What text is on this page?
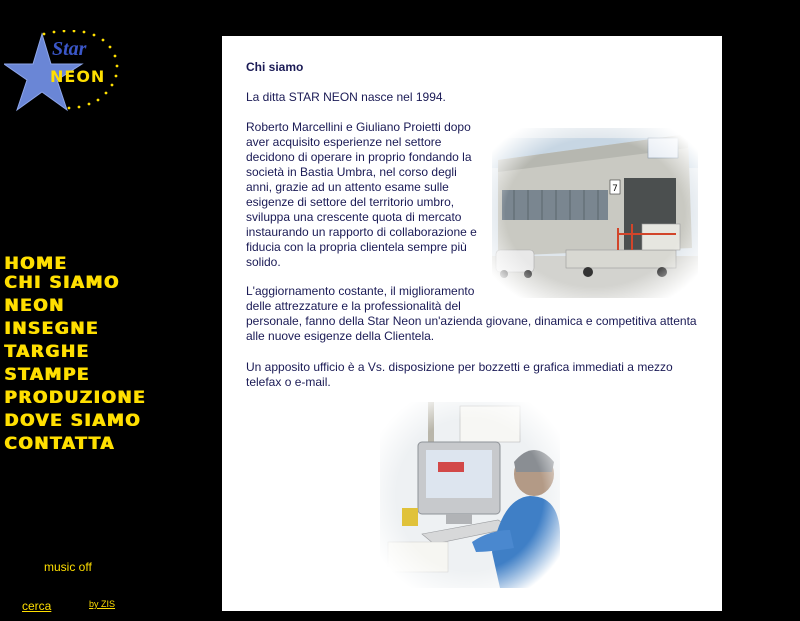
Star
NEON
HOME
CHI SIAMO
NEON
INSEGNE
TARGHE
STAMPE
PRODUZIONE
DOVE SIAMO
CONTATTA
music off
cerca	by ZIS
Chi siamo
La ditta STAR NEON nasce nel 1994.
Roberto Marcellini e Giuliano Proietti dopo aver acquisito esperienze nel settore decidono di operare in proprio fondando la società in Bastia Umbra, nel corso degli anni, grazie ad un attento esame sulle esigenze di settore del territorio umbro, sviluppa una crescente quota di mercato instaurando un rapporto di collaborazione e fiducia con la propria clientela sempre più solido.
L'aggiornamento costante, il miglioramento delle attrezzature e la professionalità del
personale, fanno della Star Neon un'azienda giovane, dinamica e competitiva attenta alle nuove esigenze della Clientela.
Un apposito ufficio è a Vs. disposizione per bozzetti e grafica immediati a mezzo telefax o e-mail.
